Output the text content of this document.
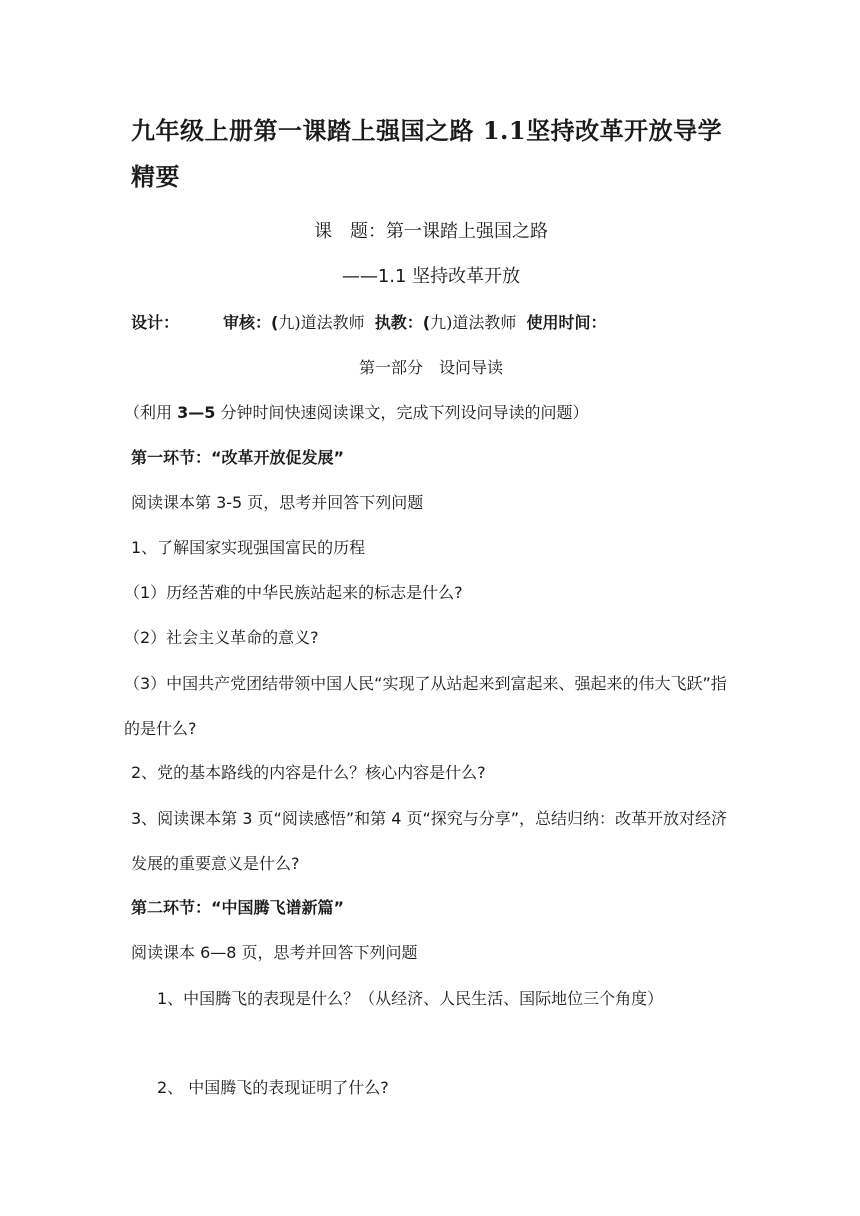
九年级上册第一课踏上强国之路 1.1坚持改革开放导学精要
课　题：第一课踏上强国之路
——1.1 坚持改革开放
设计：	审核：(九)道法教师 执教：(九)道法教师 使用时间：
第一部分　设问导读
（利用 3—5 分钟时间快速阅读课文，完成下列设问导读的问题）
第一环节：“改革开放促发展”
阅读课本第 3-5 页，思考并回答下列问题
1、了解国家实现强国富民的历程
（1）历经苦难的中华民族站起来的标志是什么?
（2）社会主义革命的意义?
（3）中国共产党团结带领中国人民“实现了从站起来到富起来、强起来的伟大飞跃”指的是什么?
2、党的基本路线的内容是什么？核心内容是什么?
3、阅读课本第 3 页“阅读感悟”和第 4 页“探究与分享”，总结归纳：改革开放对经济发展的重要意义是什么?
第二环节：“中国腾飞谱新篇”
阅读课本 6—8 页，思考并回答下列问题
1、中国腾飞的表现是什么？（从经济、人民生活、国际地位三个角度）
2、 中国腾飞的表现证明了什么?
